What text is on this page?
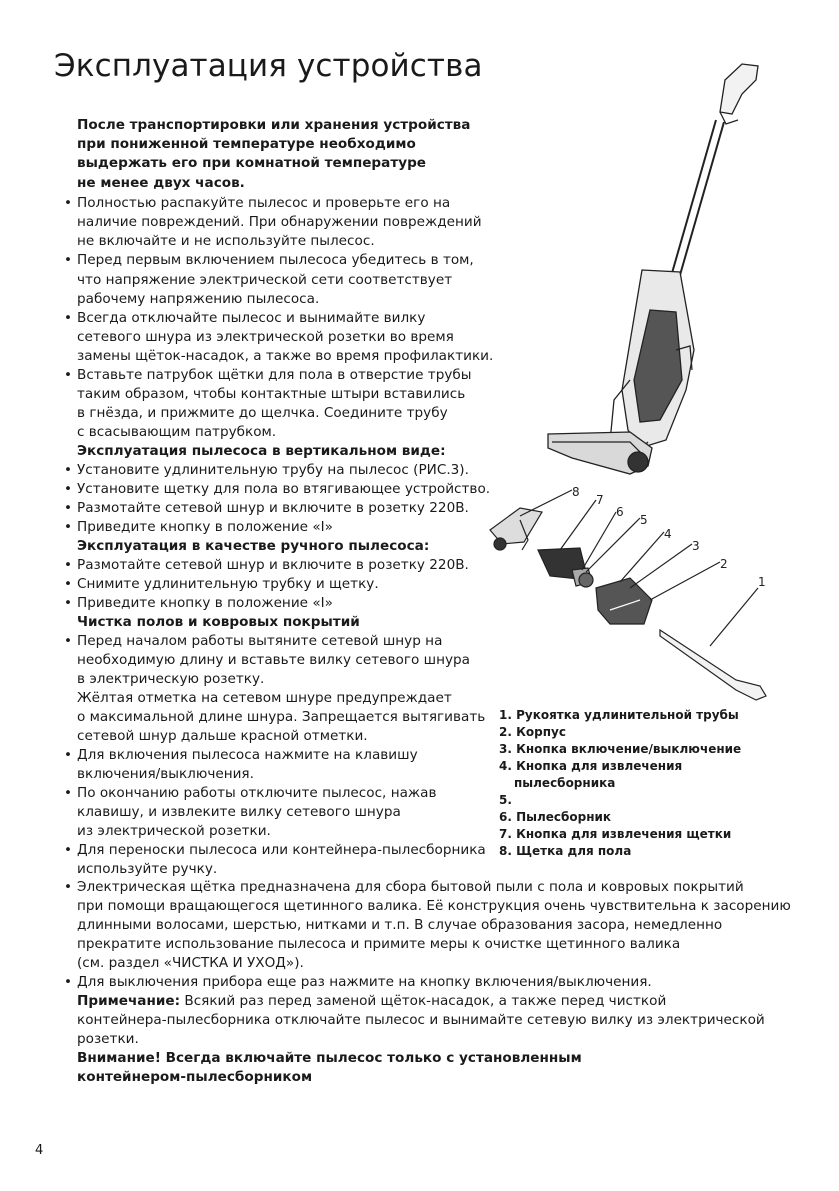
Эксплуатация устройства
После транспортировки или хранения устройства
при пониженной температуре необходимо
выдержать его при комнатной температуре
не менее двух часов.
• Полностью распакуйте пылесос и проверьте его на
наличие повреждений. При обнаружении повреждений
не включайте и не используйте пылесос.
• Перед первым включением пылесоса убедитесь в том,
что напряжение электрической сети соответствует
рабочему напряжению пылесоса.
• Всегда отключайте пылесос и вынимайте вилку
сетевого шнура из электрической розетки во время
замены щёток-насадок, а также во время профилактики.
• Вставьте патрубок щётки для пола в отверстие трубы
таким образом, чтобы контактные штыри вставились
в гнёзда, и прижмите до щелчка. Соедините трубу
с всасывающим патрубком.
Эксплуатация пылесоса в вертикальном виде:
• Установите удлинительную трубу на пылесос (РИС.3).
• Установите щетку для пола во втягивающее устройство.
• Размотайте сетевой шнур и включите в розетку 220В.
• Приведите кнопку в положение «I»
Эксплуатация в качестве ручного пылесоса:
• Размотайте сетевой шнур и включите в розетку 220В.
• Снимите удлинительную трубку и щетку.
• Приведите кнопку в положение «I»
Чистка полов и ковровых покрытий
• Перед началом работы вытяните сетевой шнур на
необходимую длину и вставьте вилку сетевого шнура
в электрическую розетку.
Жёлтая отметка на сетевом шнуре предупреждает
о максимальной длине шнура. Запрещается вытягивать
сетевой шнур дальше красной отметки.
• Для включения пылесоса нажмите на клавишу
включения/выключения.
• По окончанию работы отключите пылесос, нажав
клавишу, и извлеките вилку сетевого шнура
из электрической розетки.
• Для переноски пылесоса или контейнера-пылесборника
используйте ручку.
• Электрическая щётка предназначена для сбора бытовой пыли с пола и ковровых покрытий
при помощи вращающегося щетинного валика. Её конструкция очень чувствительна к засорению
длинными волосами, шерстью, нитками и т.п. В случае образования засора, немедленно
прекратите использование пылесоса и примите меры к очистке щетинного валика
(см. раздел «ЧИСТКА И УХОД»).
• Для выключения прибора еще раз нажмите на кнопку включения/выключения.
Примечание: Всякий раз перед заменой щёток-насадок, а также перед чисткой
контейнера-пылесборника отключайте пылесос и вынимайте сетевую вилку из электрической
розетки.
Внимание! Всегда включайте пылесос только с установленным
контейнером-пылесборником
8
7
6
5
4
3
2
1
1. Рукоятка удлинительной трубы
2. Корпус
3. Кнопка включение/выключение
4. Кнопка для извлечения
пылесборника
5.
6. Пылесборник
7. Кнопка для извлечения щетки
8. Щетка для пола
4
